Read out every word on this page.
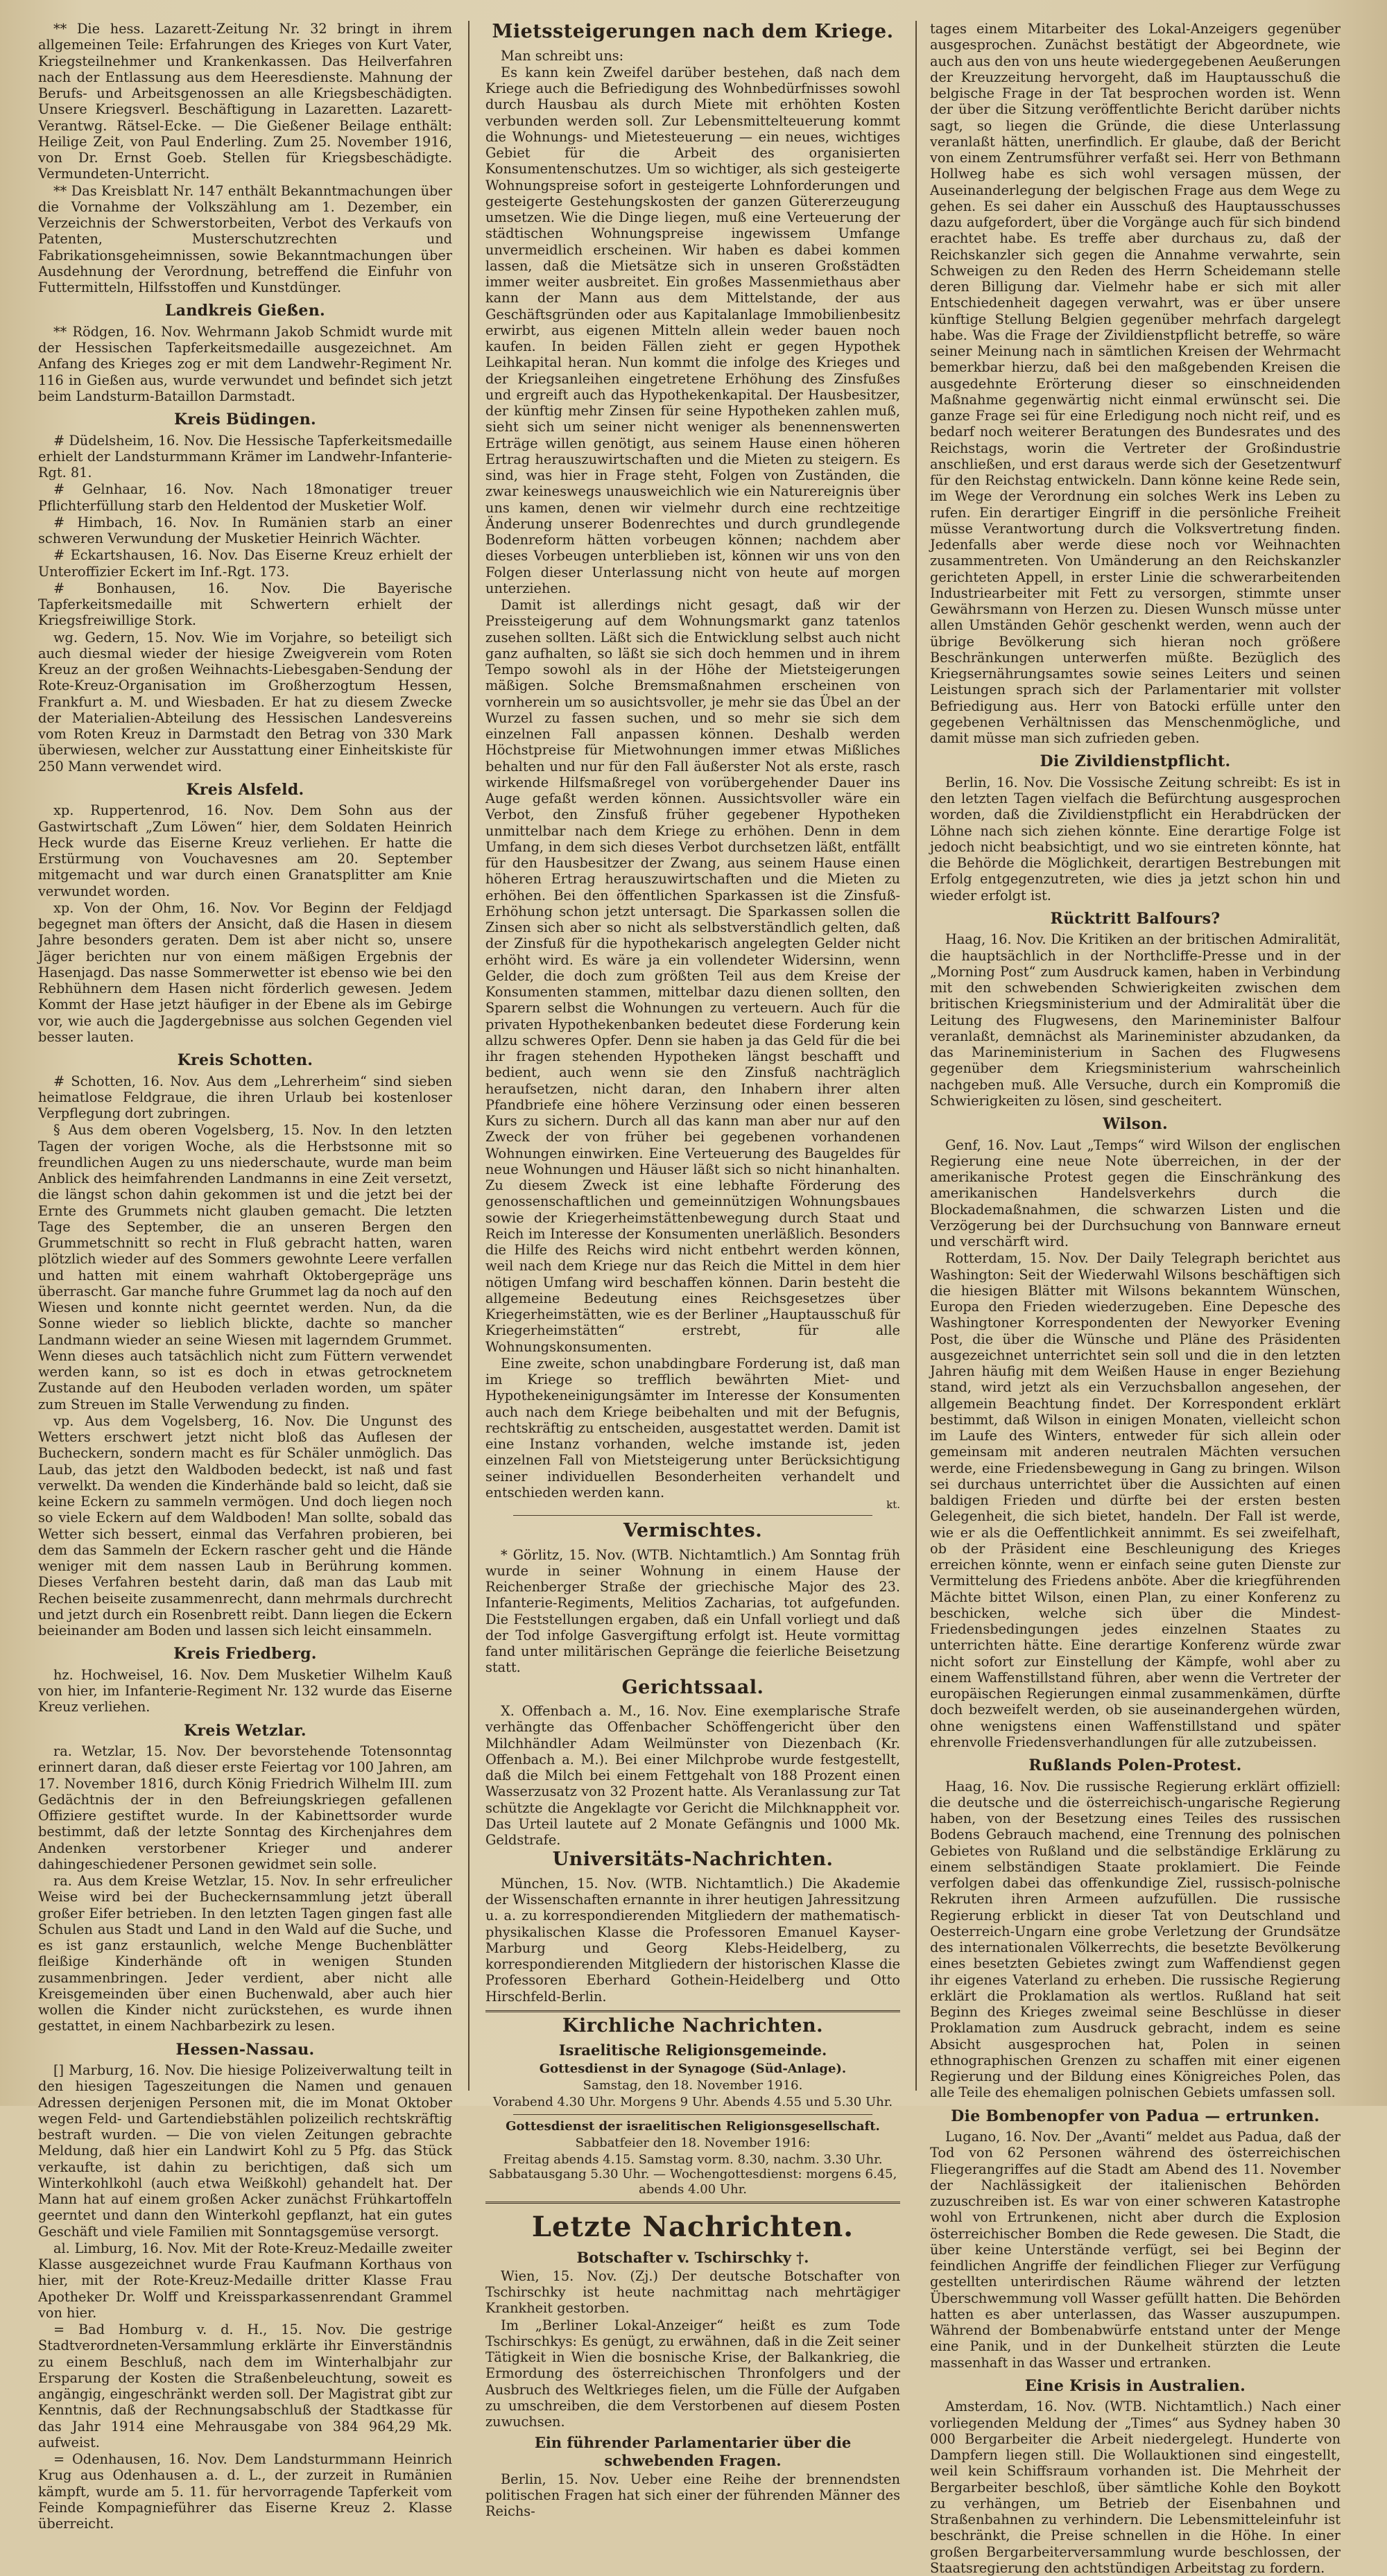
** Die hess. Lazarett-Zeitung Nr. 32 bringt in ihrem allgemeinen Teile: Erfahrungen des Krieges von Kurt Vater, Kriegsteilnehmer und Krankenkassen. Das Heilverfahren nach der Entlassung aus dem Heeresdienste. Mahnung der Berufs- und Arbeitsgenossen an alle Kriegsbeschädigten. Unsere Kriegsverl. Beschäftigung in Lazaretten. Lazarett-Verantwg. Rätsel-Ecke. — Die Gießener Beilage enthält: Heilige Zeit, von Paul Enderling. Zum 25. November 1916, von Dr. Ernst Goeb. Stellen für Kriegsbeschädigte. Vermundeten-Unterricht.

** Das Kreisblatt Nr. 147 enthält Bekanntmachungen über die Vornahme der Volkszählung am 1. Dezember, ein Verzeichnis der Schwerstorbeiten, Verbot des Verkaufs von Patenten, Musterschutzrechten und Fabrikationsgeheimnissen, sowie Bekanntmachungen über Ausdehnung der Verordnung, betreffend die Einfuhr von Futtermitteln, Hilfsstoffen und Kunstdünger.

Landkreis Gießen.

** Rödgen, 16. Nov. Wehrmann Jakob Schmidt wurde mit der Hessischen Tapferkeitsmedaille ausgezeichnet. Am Anfang des Krieges zog er mit dem Landwehr-Regiment Nr. 116 in Gießen aus, wurde verwundet und befindet sich jetzt beim Landsturm-Bataillon Darmstadt.

Kreis Büdingen.

# Düdelsheim, 16. Nov. Die Hessische Tapferkeitsmedaille erhielt der Landsturmmann Krämer im Landwehr-Infanterie-Rgt. 81.

# Gelnhaar, 16. Nov. Nach 18monatiger treuer Pflichterfüllung starb den Heldentod der Musketier Wolf.

# Himbach, 16. Nov. In Rumänien starb an einer schweren Verwundung der Musketier Heinrich Wächter.

# Eckartshausen, 16. Nov. Das Eiserne Kreuz erhielt der Unteroffizier Eckert im Inf.-Rgt. 173.

# Bonhausen, 16. Nov. Die Bayerische Tapferkeitsmedaille mit Schwertern erhielt der Kriegsfreiwillige Stork.

wg. Gedern, 15. Nov. Wie im Vorjahre, so beteiligt sich auch diesmal wieder der hiesige Zweigverein vom Roten Kreuz an der großen Weihnachts-Liebesgaben-Sendung der Rote-Kreuz-Organisation im Großherzogtum Hessen, Frankfurt a. M. und Wiesbaden. Er hat zu diesem Zwecke der Materialien-Abteilung des Hessischen Landesvereins vom Roten Kreuz in Darmstadt den Betrag von 330 Mark überwiesen, welcher zur Ausstattung einer Einheitskiste für 250 Mann verwendet wird.

Kreis Alsfeld.

xp. Ruppertenrod, 16. Nov. Dem Sohn aus der Gastwirtschaft „Zum Löwen“ hier, dem Soldaten Heinrich Heck wurde das Eiserne Kreuz verliehen. Er hatte die Erstürmung von Vouchavesnes am 20. September mitgemacht und war durch einen Granatsplitter am Knie verwundet worden.

xp. Von der Ohm, 16. Nov. Vor Beginn der Feldjagd begegnet man öfters der Ansicht, daß die Hasen in diesem Jahre besonders geraten. Dem ist aber nicht so, unsere Jäger berichten nur von einem mäßigen Ergebnis der Hasenjagd. Das nasse Sommerwetter ist ebenso wie bei den Rebhühnern dem Hasen nicht förderlich gewesen. Jedem Kommt der Hase jetzt häufiger in der Ebene als im Gebirge vor, wie auch die Jagdergebnisse aus solchen Gegenden viel besser lauten.

Kreis Schotten.

# Schotten, 16. Nov. Aus dem „Lehrerheim“ sind sieben heimatlose Feldgraue, die ihren Urlaub bei kostenloser Verpflegung dort zubringen.

§ Aus dem oberen Vogelsberg, 15. Nov. In den letzten Tagen der vorigen Woche, als die Herbstsonne mit so freundlichen Augen zu uns niederschaute, wurde man beim Anblick des heimfahrenden Landmanns in eine Zeit versetzt, die längst schon dahin gekommen ist und die jetzt bei der Ernte des Grummets nicht glauben gemacht. Die letzten Tage des September, die an unseren Bergen den Grummetschnitt so recht in Fluß gebracht hatten, waren plötzlich wieder auf des Sommers gewohnte Leere verfallen und hatten mit einem wahrhaft Oktobergepräge uns überrascht. Gar manche fuhre Grummet lag da noch auf den Wiesen und konnte nicht geerntet werden. Nun, da die Sonne wieder so lieblich blickte, dachte so mancher Landmann wieder an seine Wiesen mit lagerndem Grummet. Wenn dieses auch tatsächlich nicht zum Füttern verwendet werden kann, so ist es doch in etwas getrocknetem Zustande auf den Heuboden verladen worden, um später zum Streuen im Stalle Verwendung zu finden.

vp. Aus dem Vogelsberg, 16. Nov. Die Ungunst des Wetters erschwert jetzt nicht bloß das Auflesen der Bucheckern, sondern macht es für Schäler unmöglich. Das Laub, das jetzt den Waldboden bedeckt, ist naß und fast verwelkt. Da wenden die Kinderhände bald so leicht, daß sie keine Eckern zu sammeln vermögen. Und doch liegen noch so viele Eckern auf dem Waldboden! Man sollte, sobald das Wetter sich bessert, einmal das Verfahren probieren, bei dem das Sammeln der Eckern rascher geht und die Hände weniger mit dem nassen Laub in Berührung kommen. Dieses Verfahren besteht darin, daß man das Laub mit Rechen beiseite zusammenrecht, dann mehrmals durchrecht und jetzt durch ein Rosenbrett reibt. Dann liegen die Eckern beieinander am Boden und lassen sich leicht einsammeln.

Kreis Friedberg.

hz. Hochweisel, 16. Nov. Dem Musketier Wilhelm Kauß von hier, im Infanterie-Regiment Nr. 132 wurde das Eiserne Kreuz verliehen.

Kreis Wetzlar.

ra. Wetzlar, 15. Nov. Der bevorstehende Totensonntag erinnert daran, daß dieser erste Feiertag vor 100 Jahren, am 17. November 1816, durch König Friedrich Wilhelm III. zum Gedächtnis der in den Befreiungskriegen gefallenen Offiziere gestiftet wurde. In der Kabinettsorder wurde bestimmt, daß der letzte Sonntag des Kirchenjahres dem Andenken verstorbener Krieger und anderer dahingeschiedener Personen gewidmet sein solle.

ra. Aus dem Kreise Wetzlar, 15. Nov. In sehr erfreulicher Weise wird bei der Bucheckernsammlung jetzt überall großer Eifer betrieben. In den letzten Tagen gingen fast alle Schulen aus Stadt und Land in den Wald auf die Suche, und es ist ganz erstaunlich, welche Menge Buchenblätter fleißige Kinderhände oft in wenigen Stunden zusammenbringen. Jeder verdient, aber nicht alle Kreisgemeinden über einen Buchenwald, aber auch hier wollen die Kinder nicht zurückstehen, es wurde ihnen gestattet, in einem Nachbarbezirk zu lesen.

Hessen-Nassau.

[] Marburg, 16. Nov. Die hiesige Polizeiverwaltung teilt in den hiesigen Tageszeitungen die Namen und genauen Adressen derjenigen Personen mit, die im Monat Oktober wegen Feld- und Gartendiebstählen polizeilich rechtskräftig bestraft wurden. — Die von vielen Zeitungen gebrachte Meldung, daß hier ein Landwirt Kohl zu 5 Pfg. das Stück verkaufte, ist dahin zu berichtigen, daß sich um Winterkohlkohl (auch etwa Weißkohl) gehandelt hat. Der Mann hat auf einem großen Acker zunächst Frühkartoffeln geerntet und dann den Winterkohl gepflanzt, hat ein gutes Geschäft und viele Familien mit Sonntagsgemüse versorgt.

al. Limburg, 16. Nov. Mit der Rote-Kreuz-Medaille zweiter Klasse ausgezeichnet wurde Frau Kaufmann Korthaus von hier, mit der Rote-Kreuz-Medaille dritter Klasse Frau Apotheker Dr. Wolff und Kreissparkassenrendant Grammel von hier.

= Bad Homburg v. d. H., 15. Nov. Die gestrige Stadtverordneten-Versammlung erklärte ihr Einverständnis zu einem Beschluß, nach dem im Winterhalbjahr zur Ersparung der Kosten die Straßenbeleuchtung, soweit es angängig, eingeschränkt werden soll. Der Magistrat gibt zur Kenntnis, daß der Rechnungsabschluß der Stadtkasse für das Jahr 1914 eine Mehrausgabe von 384 964,29 Mk. aufweist.

= Odenhausen, 16. Nov. Dem Landsturmmann Heinrich Krug aus Odenhausen a. d. L., der zurzeit in Rumänien kämpft, wurde am 5. 11. für hervorragende Tapferkeit vom Feinde Kompagnieführer das Eiserne Kreuz 2. Klasse überreicht.

Mietssteigerungen nach dem Kriege.

Man schreibt uns:

Es kann kein Zweifel darüber bestehen, daß nach dem Kriege auch die Befriedigung des Wohnbedürfnisses sowohl durch Hausbau als durch Miete mit erhöhten Kosten verbunden werden soll. Zur Lebensmittelteuerung kommt die Wohnungs- und Mietesteuerung — ein neues, wichtiges Gebiet für die Arbeit des organisierten Konsumentenschutzes. Um so wichtiger, als sich gesteigerte Wohnungspreise sofort in gesteigerte Lohnforderungen und gesteigerte Gestehungskosten der ganzen Gütererzeugung umsetzen. Wie die Dinge liegen, muß eine Verteuerung der städtischen Wohnungspreise ingewissem Umfange unvermeidlich erscheinen. Wir haben es dabei kommen lassen, daß die Mietsätze sich in unseren Großstädten immer weiter ausbreitet. Ein großes Massenmiethaus aber kann der Mann aus dem Mittelstande, der aus Geschäftsgründen oder aus Kapitalanlage Immobilienbesitz erwirbt, aus eigenen Mitteln allein weder bauen noch kaufen. In beiden Fällen zieht er gegen Hypothek Leihkapital heran. Nun kommt die infolge des Krieges und der Kriegsanleihen eingetretene Erhöhung des Zinsfußes und ergreift auch das Hypothekenkapital. Der Hausbesitzer, der künftig mehr Zinsen für seine Hypotheken zahlen muß, sieht sich um seiner nicht weniger als benennenswerten Erträge willen genötigt, aus seinem Hause einen höheren Ertrag herauszuwirtschaften und die Mieten zu steigern. Es sind, was hier in Frage steht, Folgen von Zuständen, die zwar keineswegs unausweichlich wie ein Naturereignis über uns kamen, denen wir vielmehr durch eine rechtzeitige Änderung unserer Bodenrechtes und durch grundlegende Bodenreform hätten vorbeugen können; nachdem aber dieses Vorbeugen unterblieben ist, können wir uns von den Folgen dieser Unterlassung nicht von heute auf morgen unterziehen.

Damit ist allerdings nicht gesagt, daß wir der Preissteigerung auf dem Wohnungsmarkt ganz tatenlos zusehen sollten. Läßt sich die Entwicklung selbst auch nicht ganz aufhalten, so läßt sie sich doch hemmen und in ihrem Tempo sowohl als in der Höhe der Mietsteigerungen mäßigen. Solche Bremsmaßnahmen erscheinen von vornherein um so ausichtsvoller, je mehr sie das Übel an der Wurzel zu fassen suchen, und so mehr sie sich dem einzelnen Fall anpassen können. Deshalb werden Höchstpreise für Mietwohnungen immer etwas Mißliches behalten und nur für den Fall äußerster Not als erste, rasch wirkende Hilfsmaßregel von vorübergehender Dauer ins Auge gefaßt werden können. Aussichtsvoller wäre ein Verbot, den Zinsfuß früher gegebener Hypotheken unmittelbar nach dem Kriege zu erhöhen. Denn in dem Umfang, in dem sich dieses Verbot durchsetzen läßt, entfällt für den Hausbesitzer der Zwang, aus seinem Hause einen höheren Ertrag herauszuwirtschaften und die Mieten zu erhöhen. Bei den öffentlichen Sparkassen ist die Zinsfuß-Erhöhung schon jetzt untersagt. Die Sparkassen sollen die Zinsen sich aber so nicht als selbstverständlich gelten, daß der Zinsfuß für die hypothekarisch angelegten Gelder nicht erhöht wird. Es wäre ja ein vollendeter Widersinn, wenn Gelder, die doch zum größten Teil aus dem Kreise der Konsumenten stammen, mittelbar dazu dienen sollten, den Sparern selbst die Wohnungen zu verteuern. Auch für die privaten Hypothekenbanken bedeutet diese Forderung kein allzu schweres Opfer. Denn sie haben ja das Geld für die bei ihr fragen stehenden Hypotheken längst beschafft und bedient, auch wenn sie den Zinsfuß nachträglich heraufsetzen, nicht daran, den Inhabern ihrer alten Pfandbriefe eine höhere Verzinsung oder einen besseren Kurs zu sichern. Durch all das kann man aber nur auf den Zweck der von früher bei gegebenen vorhandenen Wohnungen einwirken. Eine Verteuerung des Baugeldes für neue Wohnungen und Häuser läßt sich so nicht hinanhalten. Zu diesem Zweck ist eine lebhafte Förderung des genossenschaftlichen und gemeinnützigen Wohnungsbaues sowie der Kriegerheimstättenbewegung durch Staat und Reich im Interesse der Konsumenten unerläßlich. Besonders die Hilfe des Reichs wird nicht entbehrt werden können, weil nach dem Kriege nur das Reich die Mittel in dem hier nötigen Umfang wird beschaffen können. Darin besteht die allgemeine Bedeutung eines Reichsgesetzes über Kriegerheimstätten, wie es der Berliner „Hauptausschuß für Kriegerheimstätten“ erstrebt, für alle Wohnungskonsumenten.

Eine zweite, schon unabdingbare Forderung ist, daß man im Kriege so trefflich bewährten Miet- und Hypothekeneinigungsämter im Interesse der Konsumenten auch nach dem Kriege beibehalten und mit der Befugnis, rechtskräftig zu entscheiden, ausgestattet werden. Damit ist eine Instanz vorhanden, welche imstande ist, jeden einzelnen Fall von Mietsteigerung unter Berücksichtigung seiner individuellen Besonderheiten verhandelt und entschieden werden kann.

kt.
Vermischtes.

* Görlitz, 15. Nov. (WTB. Nichtamtlich.) Am Sonntag früh wurde in seiner Wohnung in einem Hause der Reichenberger Straße der griechische Major des 23. Infanterie-Regiments, Melitios Zacharias, tot aufgefunden. Die Feststellungen ergaben, daß ein Unfall vorliegt und daß der Tod infolge Gasvergiftung erfolgt ist. Heute vormittag fand unter militärischen Gepränge die feierliche Beisetzung statt.

Gerichtssaal.

X. Offenbach a. M., 16. Nov. Eine exemplarische Strafe verhängte das Offenbacher Schöffengericht über den Milchhändler Adam Weilmünster von Diezenbach (Kr. Offenbach a. M.). Bei einer Milchprobe wurde festgestellt, daß die Milch bei einem Fettgehalt von 188 Prozent einen Wasserzusatz von 32 Prozent hatte. Als Veranlassung zur Tat schützte die Angeklagte vor Gericht die Milchknappheit vor. Das Urteil lautete auf 2 Monate Gefängnis und 1000 Mk. Geldstrafe.

Universitäts-Nachrichten.

München, 15. Nov. (WTB. Nichtamtlich.) Die Akademie der Wissenschaften ernannte in ihrer heutigen Jahressitzung u. a. zu korrespondierenden Mitgliedern der mathematisch-physikalischen Klasse die Professoren Emanuel Kayser-Marburg und Georg Klebs-Heidelberg, zu korrespondierenden Mitgliedern der historischen Klasse die Professoren Eberhard Gothein-Heidelberg und Otto Hirschfeld-Berlin.

Kirchliche Nachrichten.
Israelitische Religionsgemeinde.

Gottesdienst in der Synagoge (Süd-Anlage).

Samstag, den 18. November 1916.

Vorabend 4.30 Uhr. Morgens 9 Uhr. Abends 4.55 und 5.30 Uhr.

Gottesdienst der israelitischen Religionsgesellschaft.

Sabbatfeier den 18. November 1916:

Freitag abends 4.15. Samstag vorm. 8.30, nachm. 3.30 Uhr. Sabbatausgang 5.30 Uhr. — Wochengottesdienst: morgens 6.45, abends 4.00 Uhr.

Letzte Nachrichten.
Botschafter v. Tschirschky †.

Wien, 15. Nov. (Zj.) Der deutsche Botschafter von Tschirschky ist heute nachmittag nach mehrtägiger Krankheit gestorben.

Im „Berliner Lokal-Anzeiger“ heißt es zum Tode Tschirschkys: Es genügt, zu erwähnen, daß in die Zeit seiner Tätigkeit in Wien die bosnische Krise, der Balkankrieg, die Ermordung des österreichischen Thronfolgers und der Ausbruch des Weltkrieges fielen, um die Fülle der Aufgaben zu umschreiben, die dem Verstorbenen auf diesem Posten zuwuchsen.

Ein führender Parlamentarier über die schwebenden Fragen.

Berlin, 15. Nov. Ueber eine Reihe der brennendsten politischen Fragen hat sich einer der führenden Männer des Reichs-

tages einem Mitarbeiter des Lokal-Anzeigers gegenüber ausgesprochen. Zunächst bestätigt der Abgeordnete, wie auch aus den von uns heute wiedergegebenen Aeußerungen der Kreuzzeitung hervorgeht, daß im Hauptausschuß die belgische Frage in der Tat besprochen worden ist. Wenn der über die Sitzung veröffentlichte Bericht darüber nichts sagt, so liegen die Gründe, die diese Unterlassung veranlaßt hätten, unerfindlich. Er glaube, daß der Bericht von einem Zentrumsführer verfaßt sei. Herr von Bethmann Hollweg habe es sich wohl versagen müssen, der Auseinanderlegung der belgischen Frage aus dem Wege zu gehen. Es sei daher ein Ausschuß des Hauptausschusses dazu aufgefordert, über die Vorgänge auch für sich bindend erachtet habe. Es treffe aber durchaus zu, daß der Reichskanzler sich gegen die Annahme verwahrte, sein Schweigen zu den Reden des Herrn Scheidemann stelle deren Billigung dar. Vielmehr habe er sich mit aller Entschiedenheit dagegen verwahrt, was er über unsere künftige Stellung Belgien gegenüber mehrfach dargelegt habe. Was die Frage der Zivildienstpflicht betreffe, so wäre seiner Meinung nach in sämtlichen Kreisen der Wehrmacht bemerkbar hierzu, daß bei den maßgebenden Kreisen die ausgedehnte Erörterung dieser so einschneidenden Maßnahme gegenwärtig nicht einmal erwünscht sei. Die ganze Frage sei für eine Erledigung noch nicht reif, und es bedarf noch weiterer Beratungen des Bundesrates und des Reichstags, worin die Vertreter der Großindustrie anschließen, und erst daraus werde sich der Gesetzentwurf für den Reichstag entwickeln. Dann könne keine Rede sein, im Wege der Verordnung ein solches Werk ins Leben zu rufen. Ein derartiger Eingriff in die persönliche Freiheit müsse Verantwortung durch die Volksvertretung finden. Jedenfalls aber werde diese noch vor Weihnachten zusammentreten. Von Umänderung an den Reichskanzler gerichteten Appell, in erster Linie die schwerarbeitenden Industriearbeiter mit Fett zu versorgen, stimmte unser Gewährsmann von Herzen zu. Diesen Wunsch müsse unter allen Umständen Gehör geschenkt werden, wenn auch der übrige Bevölkerung sich hieran noch größere Beschränkungen unterwerfen müßte. Bezüglich des Kriegsernährungsamtes sowie seines Leiters und seinen Leistungen sprach sich der Parlamentarier mit vollster Befriedigung aus. Herr von Batocki erfülle unter den gegebenen Verhältnissen das Menschenmögliche, und damit müsse man sich zufrieden geben.

Die Zivildienstpflicht.

Berlin, 16. Nov. Die Vossische Zeitung schreibt: Es ist in den letzten Tagen vielfach die Befürchtung ausgesprochen worden, daß die Zivildienstpflicht ein Herabdrücken der Löhne nach sich ziehen könnte. Eine derartige Folge ist jedoch nicht beabsichtigt, und wo sie eintreten könnte, hat die Behörde die Möglichkeit, derartigen Bestrebungen mit Erfolg entgegenzutreten, wie dies ja jetzt schon hin und wieder erfolgt ist.

Rücktritt Balfours?

Haag, 16. Nov. Die Kritiken an der britischen Admiralität, die hauptsächlich in der Northcliffe-Presse und in der „Morning Post“ zum Ausdruck kamen, haben in Verbindung mit den schwebenden Schwierigkeiten zwischen dem britischen Kriegsministerium und der Admiralität über die Leitung des Flugwesens, den Marineminister Balfour veranlaßt, demnächst als Marineminister abzudanken, da das Marineministerium in Sachen des Flugwesens gegenüber dem Kriegsministerium wahrscheinlich nachgeben muß. Alle Versuche, durch ein Kompromiß die Schwierigkeiten zu lösen, sind gescheitert.

Wilson.

Genf, 16. Nov. Laut „Temps“ wird Wilson der englischen Regierung eine neue Note überreichen, in der der amerikanische Protest gegen die Einschränkung des amerikanischen Handelsverkehrs durch die Blockademaßnahmen, die schwarzen Listen und die Verzögerung bei der Durchsuchung von Bannware erneut und verschärft wird.

Rotterdam, 15. Nov. Der Daily Telegraph berichtet aus Washington: Seit der Wiederwahl Wilsons beschäftigen sich die hiesigen Blätter mit Wilsons bekanntem Wünschen, Europa den Frieden wiederzugeben. Eine Depesche des Washingtoner Korrespondenten der Newyorker Evening Post, die über die Wünsche und Pläne des Präsidenten ausgezeichnet unterrichtet sein soll und die in den letzten Jahren häufig mit dem Weißen Hause in enger Beziehung stand, wird jetzt als ein Verzuchsballon angesehen, der allgemein Beachtung findet. Der Korrespondent erklärt bestimmt, daß Wilson in einigen Monaten, vielleicht schon im Laufe des Winters, entweder für sich allein oder gemeinsam mit anderen neutralen Mächten versuchen werde, eine Friedensbewegung in Gang zu bringen. Wilson sei durchaus unterrichtet über die Aussichten auf einen baldigen Frieden und dürfte bei der ersten besten Gelegenheit, die sich bietet, handeln. Der Fall ist werde, wie er als die Oeffentlichkeit annimmt. Es sei zweifelhaft, ob der Präsident eine Beschleunigung des Krieges erreichen könnte, wenn er einfach seine guten Dienste zur Vermittelung des Friedens anböte. Aber die kriegführenden Mächte bittet Wilson, einen Plan, zu einer Konferenz zu beschicken, welche sich über die Mindest-Friedensbedingungen jedes einzelnen Staates zu unterrichten hätte. Eine derartige Konferenz würde zwar nicht sofort zur Einstellung der Kämpfe, wohl aber zu einem Waffenstillstand führen, aber wenn die Vertreter der europäischen Regierungen einmal zusammenkämen, dürfte doch bezweifelt werden, ob sie auseinandergehen würden, ohne wenigstens einen Waffenstillstand und später ehrenvolle Friedensverhandlungen für alle zutzubeissen.

Rußlands Polen-Protest.

Haag, 16. Nov. Die russische Regierung erklärt offiziell: die deutsche und die österreichisch-ungarische Regierung haben, von der Besetzung eines Teiles des russischen Bodens Gebrauch machend, eine Trennung des polnischen Gebietes von Rußland und die selbständige Erklärung zu einem selbständigen Staate proklamiert. Die Feinde verfolgen dabei das offenkundige Ziel, russisch-polnische Rekruten ihren Armeen aufzufüllen. Die russische Regierung erblickt in dieser Tat von Deutschland und Oesterreich-Ungarn eine grobe Verletzung der Grundsätze des internationalen Völkerrechts, die besetzte Bevölkerung eines besetzten Gebietes zwingt zum Waffendienst gegen ihr eigenes Vaterland zu erheben. Die russische Regierung erklärt die Proklamation als wertlos. Rußland hat seit Beginn des Krieges zweimal seine Beschlüsse in dieser Proklamation zum Ausdruck gebracht, indem es seine Absicht ausgesprochen hat, Polen in seinen ethnographischen Grenzen zu schaffen mit einer eigenen Regierung und der Bildung eines Königreiches Polen, das alle Teile des ehemaligen polnischen Gebiets umfassen soll.

Die Bombenopfer von Padua — ertrunken.

Lugano, 16. Nov. Der „Avanti“ meldet aus Padua, daß der Tod von 62 Personen während des österreichischen Fliegerangriffes auf die Stadt am Abend des 11. November der Nachlässigkeit der italienischen Behörden zuzuschreiben ist. Es war von einer schweren Katastrophe wohl von Ertrunkenen, nicht aber durch die Explosion österreichischer Bomben die Rede gewesen. Die Stadt, die über keine Unterstände verfügt, sei bei Beginn der feindlichen Angriffe der feindlichen Flieger zur Verfügung gestellten unterirdischen Räume während der letzten Überschwemmung voll Wasser gefüllt hatten. Die Behörden hatten es aber unterlassen, das Wasser auszupumpen. Während der Bombenabwürfe entstand unter der Menge eine Panik, und in der Dunkelheit stürzten die Leute massenhaft in das Wasser und ertranken.

Eine Krisis in Australien.

Amsterdam, 16. Nov. (WTB. Nichtamtlich.) Nach einer vorliegenden Meldung der „Times“ aus Sydney haben 30 000 Bergarbeiter die Arbeit niedergelegt. Hunderte von Dampfern liegen still. Die Wollauktionen sind eingestellt, weil kein Schiffsraum vorhanden ist. Die Mehrheit der Bergarbeiter beschloß, über sämtliche Kohle den Boykott zu verhängen, um Betrieb der Eisenbahnen und Straßenbahnen zu verhindern. Die Lebensmitteleinfuhr ist beschränkt, die Preise schnellen in die Höhe. In einer großen Bergarbeiterversammlung wurde beschlossen, der Staatsregierung den achtstündigen Arbeitstag zu fordern.
